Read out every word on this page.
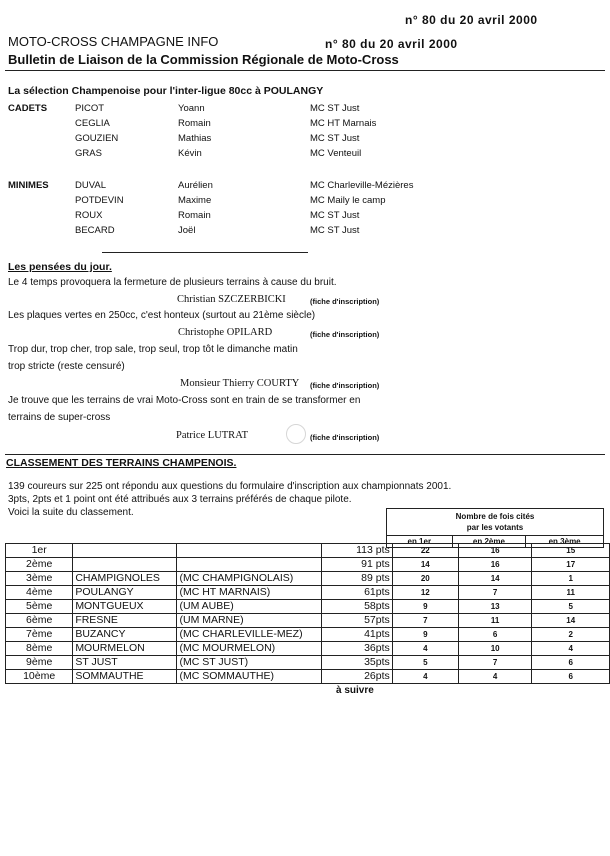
n° 80 du 20 avril 2000
MOTO-CROSS CHAMPAGNE INFO	n° 80 du 20 avril 2000
Bulletin de Liaison de la Commission Régionale de Moto-Cross
La sélection Champenoise pour l'inter-ligue 80cc à POULANGY
CADETS	PICOT	Yoann	MC ST Just
CEGLIA	Romain	MC HT Marnais
GOUZIEN	Mathias	MC ST Just
GRAS	Kévin	MC Venteuil
MINIMES	DUVAL	Aurélien	MC Charleville-Mézières
POTDEVIN	Maxime	MC Maily le camp
ROUX	Romain	MC ST Just
BECARD	Joël	MC ST Just
Les pensées du jour.
Le 4 temps provoquera la fermeture de plusieurs terrains à cause du bruit.
Christian SZCZERBICKI	(fiche d'inscription)
Les plaques vertes en 250cc, c'est honteux (surtout au 21ème siècle)
Christophe OPILARD	(fiche d'inscription)
Trop dur, trop cher, trop sale, trop seul, trop tôt le dimanche matin
trop stricte (reste censuré)
Monsieur Thierry COURTY (fiche d'inscription)
Je trouve que les terrains de vrai Moto-Cross sont en train de se transformer en
terrains de super-cross
Patrice LUTRAT	(fiche d'inscription)
CLASSEMENT DES TERRAINS CHAMPENOIS.
139 coureurs sur 225 ont répondu aux questions du formulaire d'inscription aux championnats 2001.
3pts, 2pts et 1 point ont été attribués aux 3 terrains préférés de chaque pilote.
Voici la suite du classement.	Nombre de fois cités
par les votants

en 1er	en 2ème	en 3ème
1er			113 pts	22	16	15
2ème			91 pts	14	16	17
3ème	CHAMPIGNOLES	(MC CHAMPIGNOLAIS)	89 pts	20	14	1
4ème	POULANGY	(MC HT MARNAIS)	61pts	12	7	11
5ème	MONTGUEUX	(UM AUBE)	58pts	9	13	5
6ème	FRESNE	(UM MARNE)	57pts	7	11	14
7ème	BUZANCY	(MC CHARLEVILLE-MEZ)	41pts	9	6	2
8ème	MOURMELON	(MC MOURMELON)	36pts	4	10	4
9ème	ST JUST	(MC ST JUST)	35pts	5	7	6
10ème	SOMMAUTHE	(MC SOMMAUTHE)	26pts	4	4	6
à suivre
